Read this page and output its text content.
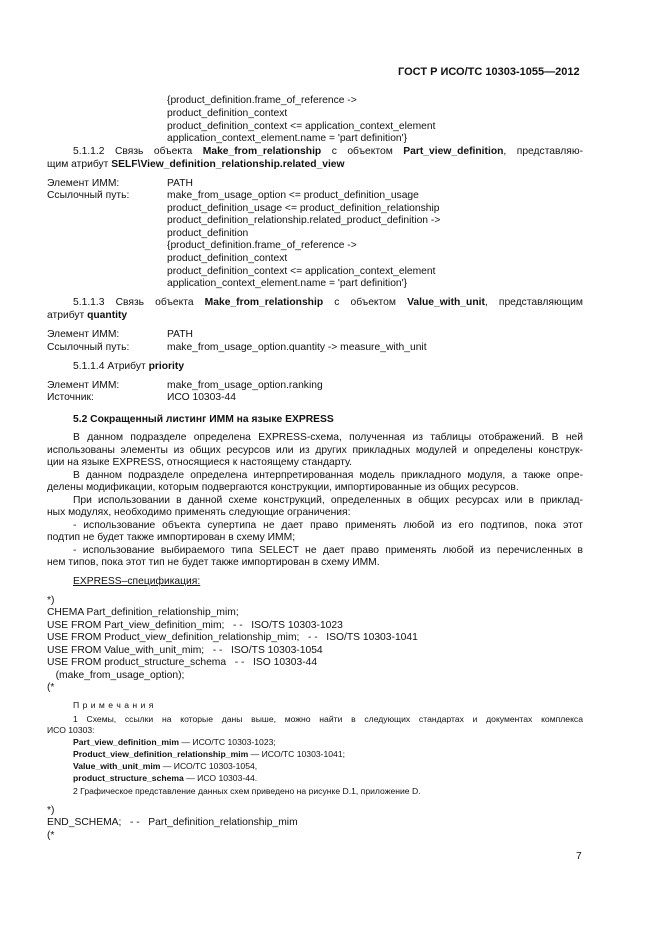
ГОСТ Р ИСО/ТС 10303-1055—2012
{product_definition.frame_of_reference ->
product_definition_context
product_definition_context <= application_context_element
application_context_element.name = 'part definition'}
5.1.1.2 Связь объекта Make_from_relationship с объектом Part_view_definition, представляю-
щим атрибут SELF\View_definition_relationship.related_view
Элемент ИММ:	PATH
Ссылочный путь:	make_from_usage_option <= product_definition_usage
product_definition_usage <= product_definition_relationship
product_definition_relationship.related_product_definition ->
product_definition
{product_definition.frame_of_reference ->
product_definition_context
product_definition_context <= application_context_element
application_context_element.name = 'part definition'}
5.1.1.3 Связь объекта Make_from_relationship с объектом Value_with_unit, представляющим
атрибут quantity
Элемент ИММ:	PATH
Ссылочный путь:	make_from_usage_option.quantity -> measure_with_unit
5.1.1.4 Атрибут priority
Элемент ИММ:	make_from_usage_option.ranking
Источник:	ИСО 10303-44
5.2 Сокращенный листинг ИММ на языке EXPRESS
В данном подразделе определена EXPRESS-схема, полученная из таблицы отображений. В ней
использованы элементы из общих ресурсов или из других прикладных модулей и определены конструк-
ции на языке EXPRESS, относящиеся к настоящему стандарту.
В данном подразделе определена интерпретированная модель прикладного модуля, а также опре-
делены модификации, которым подвергаются конструкции, импортированные из общих ресурсов.
При использовании в данной схеме конструкций, определенных в общих ресурсах или в приклад-
ных модулях, необходимо применять следующие ограничения:
- использование объекта супертипа не дает право применять любой из его подтипов, пока этот
подтип не будет также импортирован в схему ИММ;
- использование выбираемого типа SELECT не дает право применять любой из перечисленных в
нем типов, пока этот тип не будет также импортирован в схему ИММ.
EXPRESS–спецификация:
*)
CHEMA Part_definition_relationship_mim;
USE FROM Part_view_definition_mim;   - -   ISO/TS 10303-1023
USE FROM Product_view_definition_relationship_mim;   - -   ISO/TS 10303-1041
USE FROM Value_with_unit_mim;   - -   ISO/TS 10303-1054
USE FROM product_structure_schema   - -   ISO 10303-44
(make_from_usage_option);
(*
П р и м е ч а н и я
1 Схемы, ссылки на которые даны выше, можно найти в следующих стандартах и документах комплекса
ИСО 10303:
Part_view_definition_mim — ИСО/ТС 10303-1023;
Product_view_definition_relationship_mim — ИСО/ТС 10303-1041;
Value_with_unit_mim — ИСО/ТС 10303-1054,
product_structure_schema — ИСО 10303-44.
2 Графическое представление данных схем приведено на рисунке D.1, приложение D.
*)
END_SCHEMA;   - -   Part_definition_relationship_mim
(*
7
